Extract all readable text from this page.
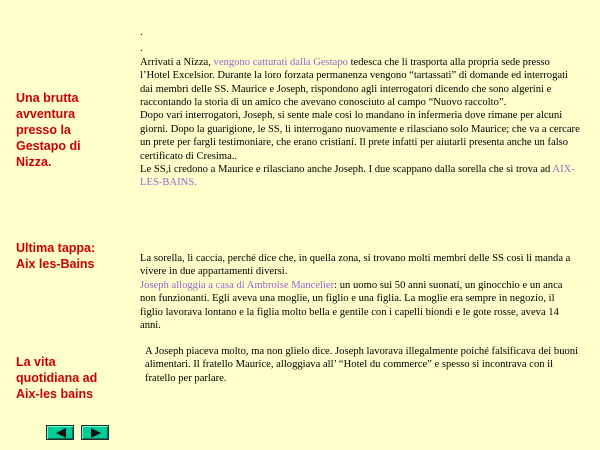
Una brutta
avventura
presso la
Gestapo di
Nizza.
Ultima tappa:
Aix les-Bains
La vita
quotidiana ad
Aix-les bains

.

.

Arrivati a Nizza, vengono catturati dalla Gestapo tedesca che li trasporta alla propria sede presso l’Hotel Excelsior. Durante la loro forzata permanenza vengono “tartassati” di domande ed interrogati dai membri delle SS. Maurice e Joseph, rispondono agli interrogatori dicendo che sono algerini e raccontando la storia di un amico che avevano conosciuto al campo “Nuovo raccolto”.

Dopo vari interrogatori, Joseph, si sente male così lo mandano in infermeria dove rimane per alcuni giorni. Dopo la guarigione, le SS, li interrogano nuovamente e rilasciano solo Maurice; che va a cercare un prete per fargli testimoniare, che erano cristiani. Il prete infatti per aiutarli presenta anche un falso certificato di Cresima..

Le SS,i credono a Maurice e rilasciano anche Joseph. I due scappano dalla sorella che si trova ad AIX-LES-BAINS.

La sorella, li caccia, perché dice che, in quella zona, si trovano molti membri delle SS così li manda a vivere in due appartamenti diversi.

Joseph alloggia a casa di Ambroise Mancelier: un uomo sui 50 anni suonati, un ginocchio e un anca non funzionanti. Egli aveva una moglie, un figlio e una figlia. La moglie era sempre in negozio, il figlio lavorava lontano e la figlia molto bella e gentile con i capelli biondi e le gote rosse, aveva 14 anni.

A Joseph piaceva molto, ma non glielo dice. Joseph lavorava illegalmente poiché falsificava dei buoni alimentari. Il fratello Maurice, alloggiava all’ “Hotel du commerce” e spesso si incontrava con il fratello per parlare.
